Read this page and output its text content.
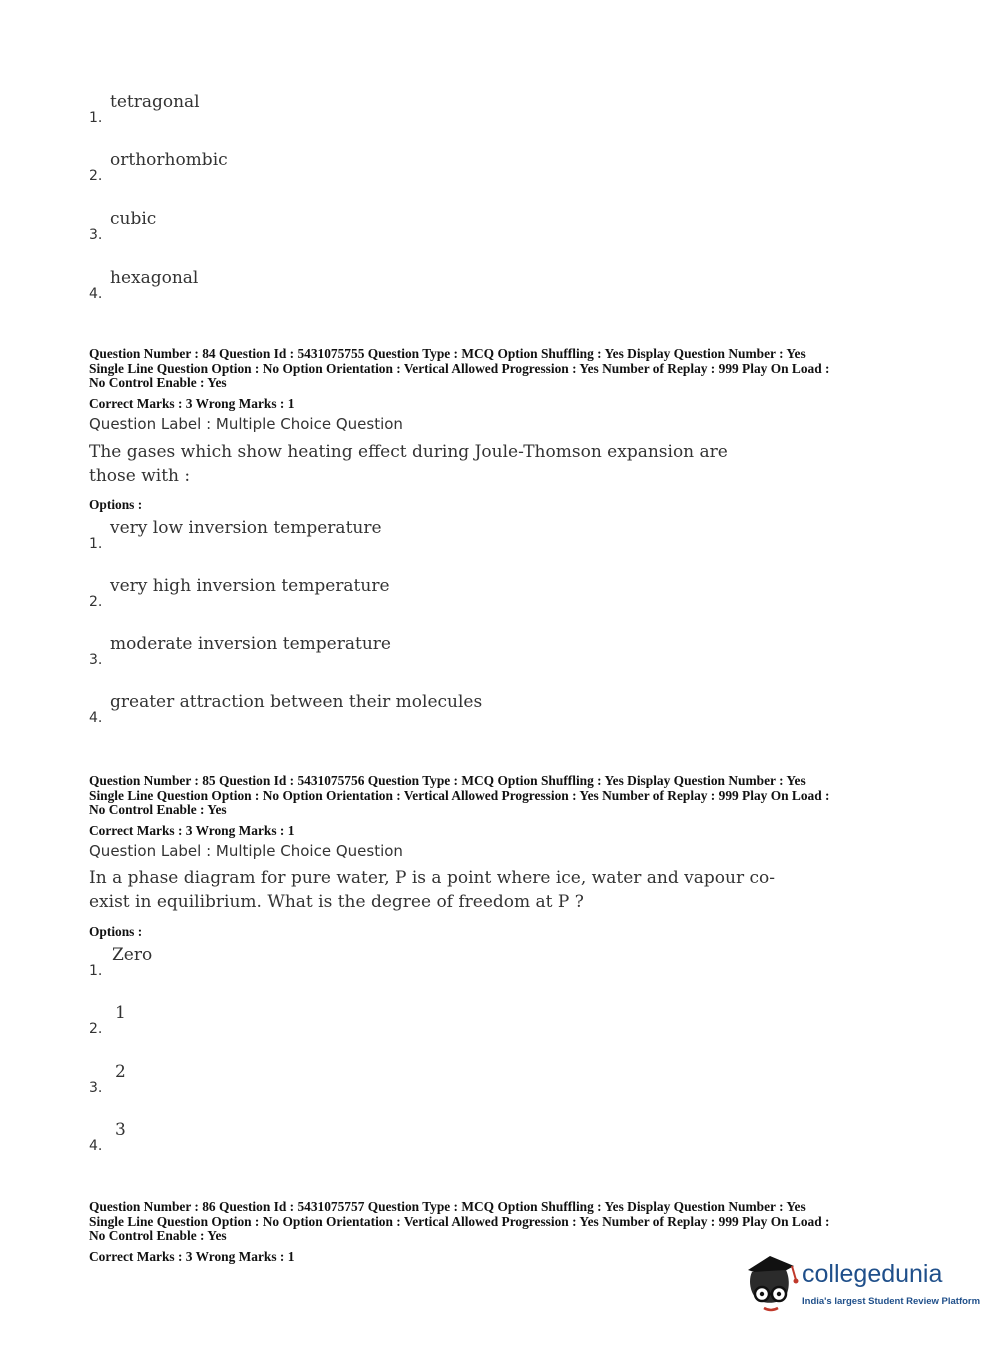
1.
tetragonal
2.
orthorhombic
3.
cubic
4.
hexagonal
Question Number : 84 Question Id : 5431075755 Question Type : MCQ Option Shuffling : Yes Display Question Number : Yes
Single Line Question Option : No Option Orientation : Vertical Allowed Progression : Yes Number of Replay : 999 Play On Load :
No Control Enable : Yes
Correct Marks : 3 Wrong Marks : 1
Question Label : Multiple Choice Question
The gases which show heating effect during Joule-Thomson expansion are
those with :
Options :
1.
very low inversion temperature
2.
very high inversion temperature
3.
moderate inversion temperature
4.
greater attraction between their molecules
Question Number : 85 Question Id : 5431075756 Question Type : MCQ Option Shuffling : Yes Display Question Number : Yes
Single Line Question Option : No Option Orientation : Vertical Allowed Progression : Yes Number of Replay : 999 Play On Load :
No Control Enable : Yes
Correct Marks : 3 Wrong Marks : 1
Question Label : Multiple Choice Question
In a phase diagram for pure water, P is a point where ice, water and vapour co-
exist in equilibrium. What is the degree of freedom at P ?
Options :
1.
Zero
2.
1
3.
2
4.
3
Question Number : 86 Question Id : 5431075757 Question Type : MCQ Option Shuffling : Yes Display Question Number : Yes
Single Line Question Option : No Option Orientation : Vertical Allowed Progression : Yes Number of Replay : 999 Play On Load :
No Control Enable : Yes
Correct Marks : 3 Wrong Marks : 1
collegedunia
India's largest Student Review Platform
